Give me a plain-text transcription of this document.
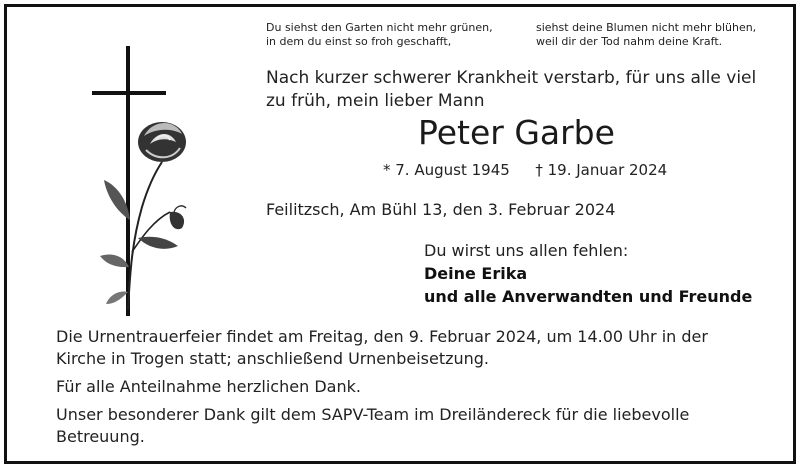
Du siehst den Garten nicht mehr grünen,
in dem du einst so froh geschafft,
siehst deine Blumen nicht mehr blühen,
weil dir der Tod nahm deine Kraft.
Nach kurzer schwerer Krankheit verstarb, für uns alle viel
zu früh, mein lieber Mann
Peter Garbe
* 7. August 1945 † 19. Januar 2024
Feilitzsch, Am Bühl 13, den 3. Februar 2024
Du wirst uns allen fehlen:
Deine Erika
und alle Anverwandten und Freunde

Die Urnentrauerfeier findet am Freitag, den 9. Februar 2024, um 14.00 Uhr in der

Kirche in Trogen statt; anschließend Urnenbeisetzung.

Für alle Anteilnahme herzlichen Dank.

Unser besonderer Dank gilt dem SAPV-Team im Dreiländereck für die liebevolle

Betreuung.
